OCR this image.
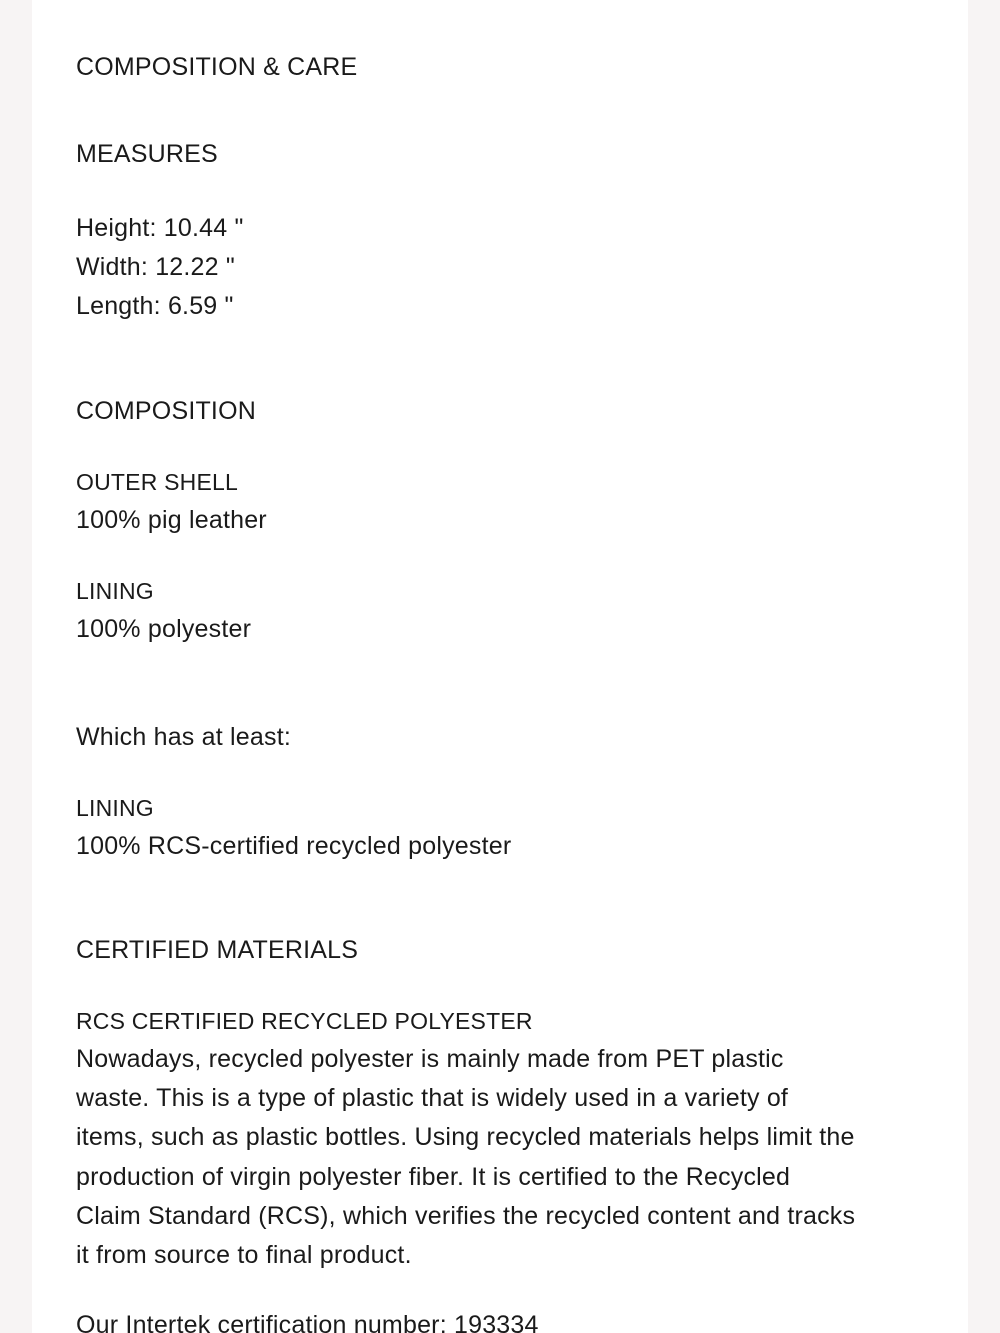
COMPOSITION & CARE
MEASURES
Height: 10.44 "
Width: 12.22 "
Length: 6.59 "
COMPOSITION
OUTER SHELL
100% pig leather
LINING
100% polyester
Which has at least:
LINING
100% RCS-certified recycled polyester
CERTIFIED MATERIALS
RCS CERTIFIED RECYCLED POLYESTER
Nowadays, recycled polyester is mainly made from PET plastic
waste. This is a type of plastic that is widely used in a variety of
items, such as plastic bottles. Using recycled materials helps limit the
production of virgin polyester fiber. It is certified to the Recycled
Claim Standard (RCS), which verifies the recycled content and tracks
it from source to final product.
Our Intertek certification number: 193334
